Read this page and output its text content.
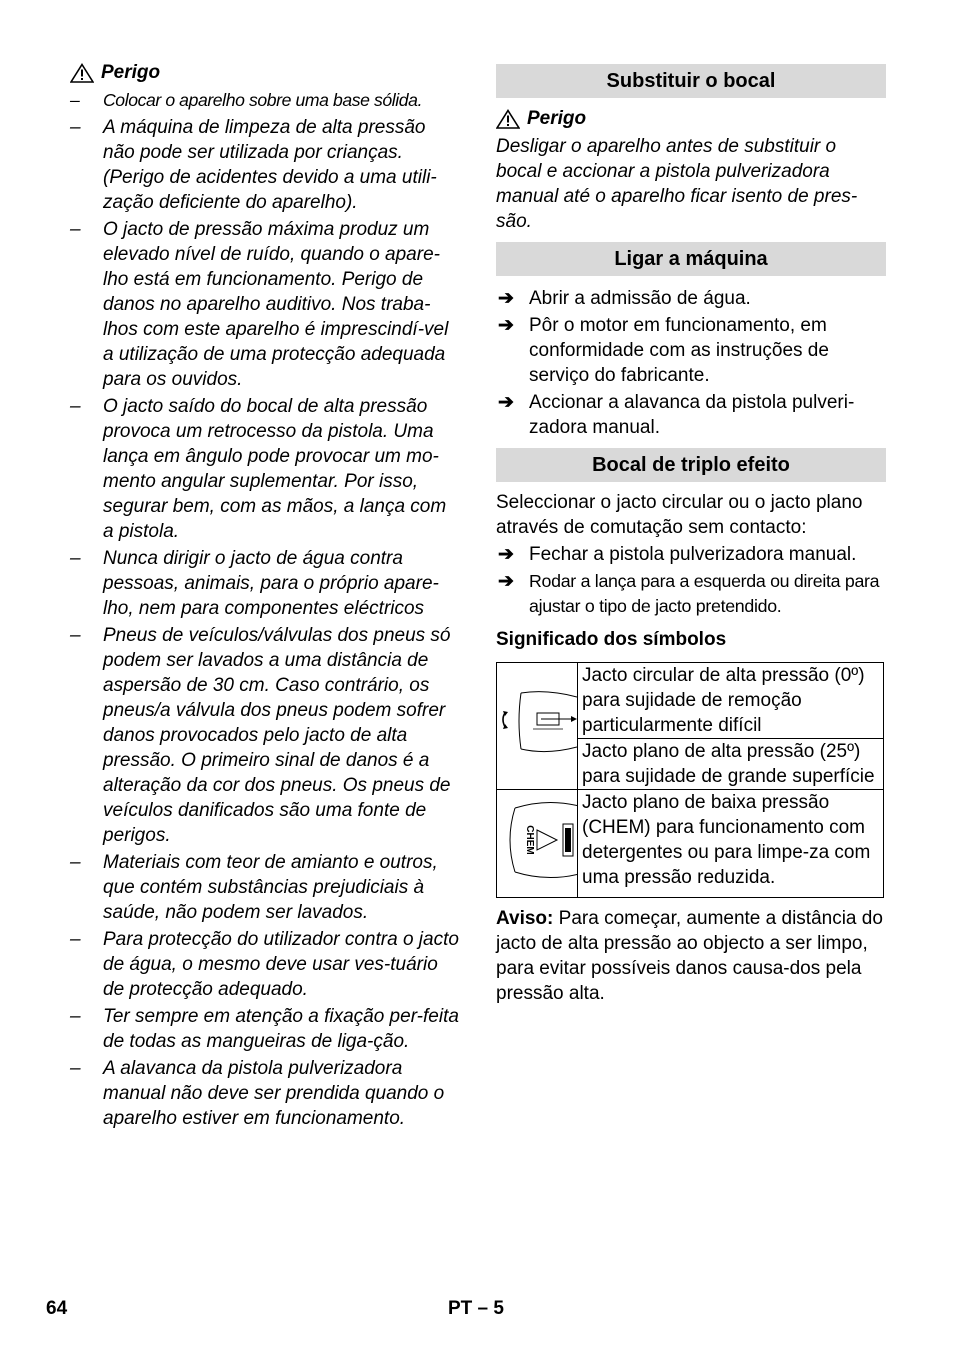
Perigo
– Colocar o aparelho sobre uma base sólida.
– A máquina de limpeza de alta pressão não pode ser utilizada por crianças. (Perigo de acidentes devido a uma utili-zação deficiente do aparelho).
– O jacto de pressão máxima produz um elevado nível de ruído, quando o apare-lho está em funcionamento. Perigo de danos no aparelho auditivo. Nos traba-lhos com este aparelho é imprescindí-vel a utilização de uma protecção adequada para os ouvidos.
– O jacto saído do bocal de alta pressão provoca um retrocesso da pistola. Uma lança em ângulo pode provocar um mo-mento angular suplementar. Por isso, segurar bem, com as mãos, a lança com a pistola.
– Nunca dirigir o jacto de água contra pessoas, animais, para o próprio apare-lho, nem para componentes eléctricos
– Pneus de veículos/válvulas dos pneus só podem ser lavados a uma distância de aspersão de 30 cm. Caso contrário, os pneus/a válvula dos pneus podem sofrer danos provocados pelo jacto de alta pressão. O primeiro sinal de danos é a alteração da cor dos pneus. Os pneus de veículos danificados são uma fonte de perigos.
– Materiais com teor de amianto e outros, que contém substâncias prejudiciais à saúde, não podem ser lavados.
– Para protecção do utilizador contra o jacto de água, o mesmo deve usar ves-tuário de protecção adequado.
– Ter sempre em atenção a fixação per-feita de todas as mangueiras de liga-ção.
– A alavanca da pistola pulverizadora manual não deve ser prendida quando o aparelho estiver em funcionamento.
Substituir o bocal
Perigo

Desligar o aparelho antes de substituir o bocal e accionar a pistola pulverizadora manual até o aparelho ficar isento de pres-são.

Ligar a máquina
➔ Abrir a admissão de água.
➔ Pôr o motor em funcionamento, em conformidade com as instruções de serviço do fabricante.
➔ Accionar a alavanca da pistola pulveri-zadora manual.
Bocal de triplo efeito

Seleccionar o jacto circular ou o jacto plano através de comutação sem contacto:

➔ Fechar a pistola pulverizadora manual.
➔ Rodar a lança para a esquerda ou direita para ajustar o tipo de jacto pretendido.

Significado dos símbolos

	Jacto circular de alta pressão (0º) para sujidade de remoção particularmente difícil
	Jacto plano de alta pressão (25º) para sujidade de grande superfície

CHEM	Jacto plano de baixa pressão (CHEM) para funcionamento com detergentes ou para limpe-za com uma pressão reduzida.

Aviso: Para começar, aumente a distância do jacto de alta pressão ao objecto a ser limpo, para evitar possíveis danos causa-dos pela pressão alta.

64	PT – 5
